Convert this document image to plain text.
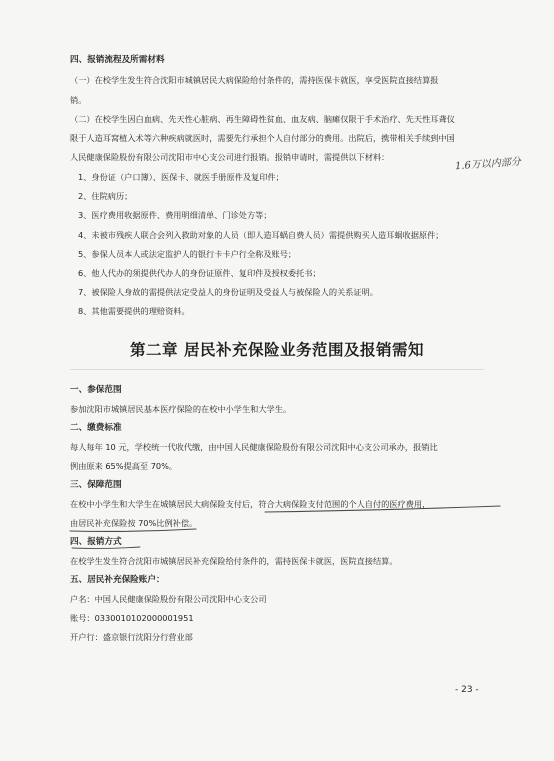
四、报销流程及所需材料
（一）在校学生发生符合沈阳市城镇居民大病保险给付条件的，需持医保卡就医，享受医院直接结算报
销。
（二）在校学生因白血病、先天性心脏病、再生障碍性贫血、血友病、脑瘫仅限于手术治疗、先天性耳聋仪
限于人造耳窝植入术等六种疾病就医时，需要先行承担个人自付部分的费用。出院后，携带相关手续到中国
人民健康保险股份有限公司沈阳市中心支公司进行报销。报销申请时，需提供以下材料：	1.6万以内部分
1、身份证（户口簿）、医保卡、就医手册原件及复印件；
2、住院病历；
3、医疗费用收据原件、费用明细清单、门诊处方等；
4、未被市残疾人联合会列入救助对象的人员（即人造耳蜗自费人员）需提供购买人造耳蜗收据原件；
5、参保人员本人或法定监护人的银行卡卡户行全称及账号；
6、他人代办的须提供代办人的身份证原件、复印件及授权委托书；
7、被保险人身故的需提供法定受益人的身份证明及受益人与被保险人的关系证明。
8、其他需要提供的理赔资料。
第二章 居民补充保险业务范围及报销需知
一、参保范围
参加沈阳市城镇居民基本医疗保险的在校中小学生和大学生。
二、缴费标准
每人每年 10 元，学校统一代收代缴，由中国人民健康保险股份有限公司沈阳中心支公司承办，报销比
例由原来 65%提高至 70%。
三、保障范围
在校中小学生和大学生在城镇居民大病保险支付后，符合大病保险支付范围的个人自付的医疗费用，
由居民补充保险按 70%比例补偿。
四、报销方式
在校学生发生符合沈阳市城镇居民补充保险给付条件的，需持医保卡就医，医院直接结算。
五、居民补充保险账户：
户名：中国人民健康保险股份有限公司沈阳中心支公司
账号：0330010102000001951
开户行：盛京银行沈阳分行营业部
- 23 -
